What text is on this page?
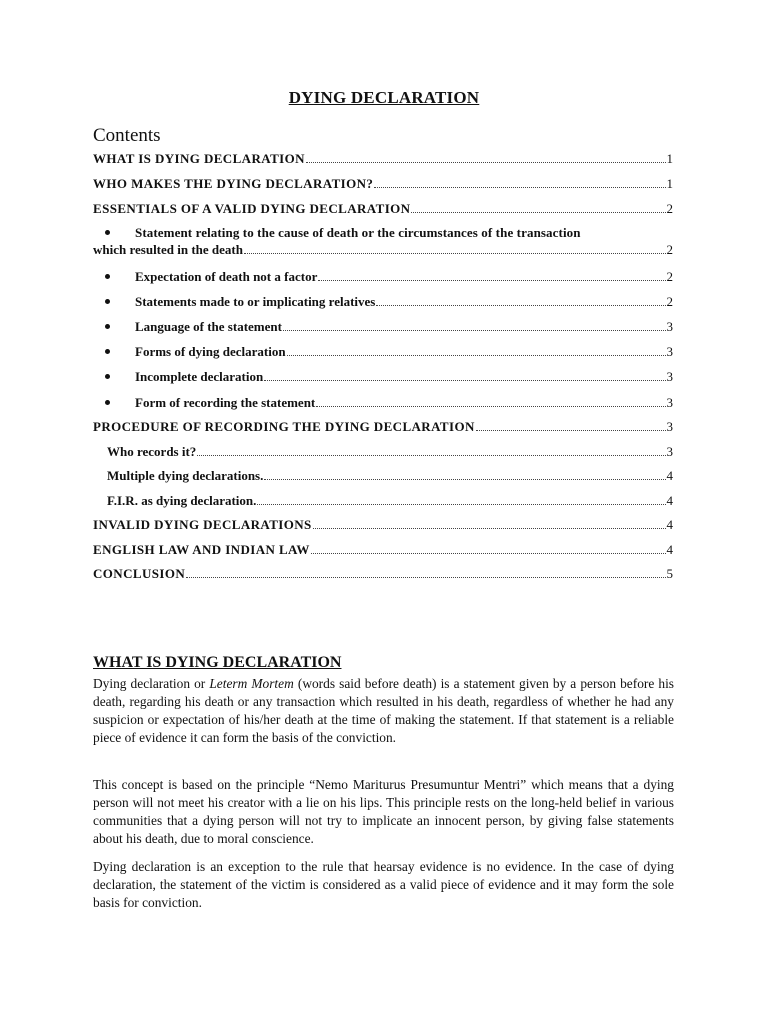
DYING DECLARATION
Contents
WHAT IS DYING DECLARATION	1
WHO MAKES THE DYING DECLARATION?	1
ESSENTIALS OF A VALID DYING DECLARATION	2
Statement relating to the cause of death or the circumstances of the transaction
which resulted in the death	2
Expectation of death not a factor	2
Statements made to or implicating relatives	2
Language of the statement	3
Forms of dying declaration	3
Incomplete declaration	3
Form of recording the statement	3
PROCEDURE OF RECORDING THE DYING DECLARATION	3
Who records it?	3
Multiple dying declarations.	4
F.I.R. as dying declaration.	4
INVALID DYING DECLARATIONS	4
ENGLISH LAW AND INDIAN LAW	4
CONCLUSION	5
WHAT IS DYING DECLARATION

Dying declaration or Leterm Mortem (words said before death) is a statement given by a person before his death, regarding his death or any transaction which resulted in his death, regardless of whether he had any suspicion or expectation of his/her death at the time of making the statement. If that statement is a reliable piece of evidence it can form the basis of the conviction.

This concept is based on the principle “Nemo Mariturus Presumuntur Mentri” which means that a dying person will not meet his creator with a lie on his lips. This principle rests on the long-held belief in various communities that a dying person will not try to implicate an innocent person, by giving false statements about his death, due to moral conscience.

Dying declaration is an exception to the rule that hearsay evidence is no evidence. In the case of dying declaration, the statement of the victim is considered as a valid piece of evidence and it may form the sole basis for conviction.
